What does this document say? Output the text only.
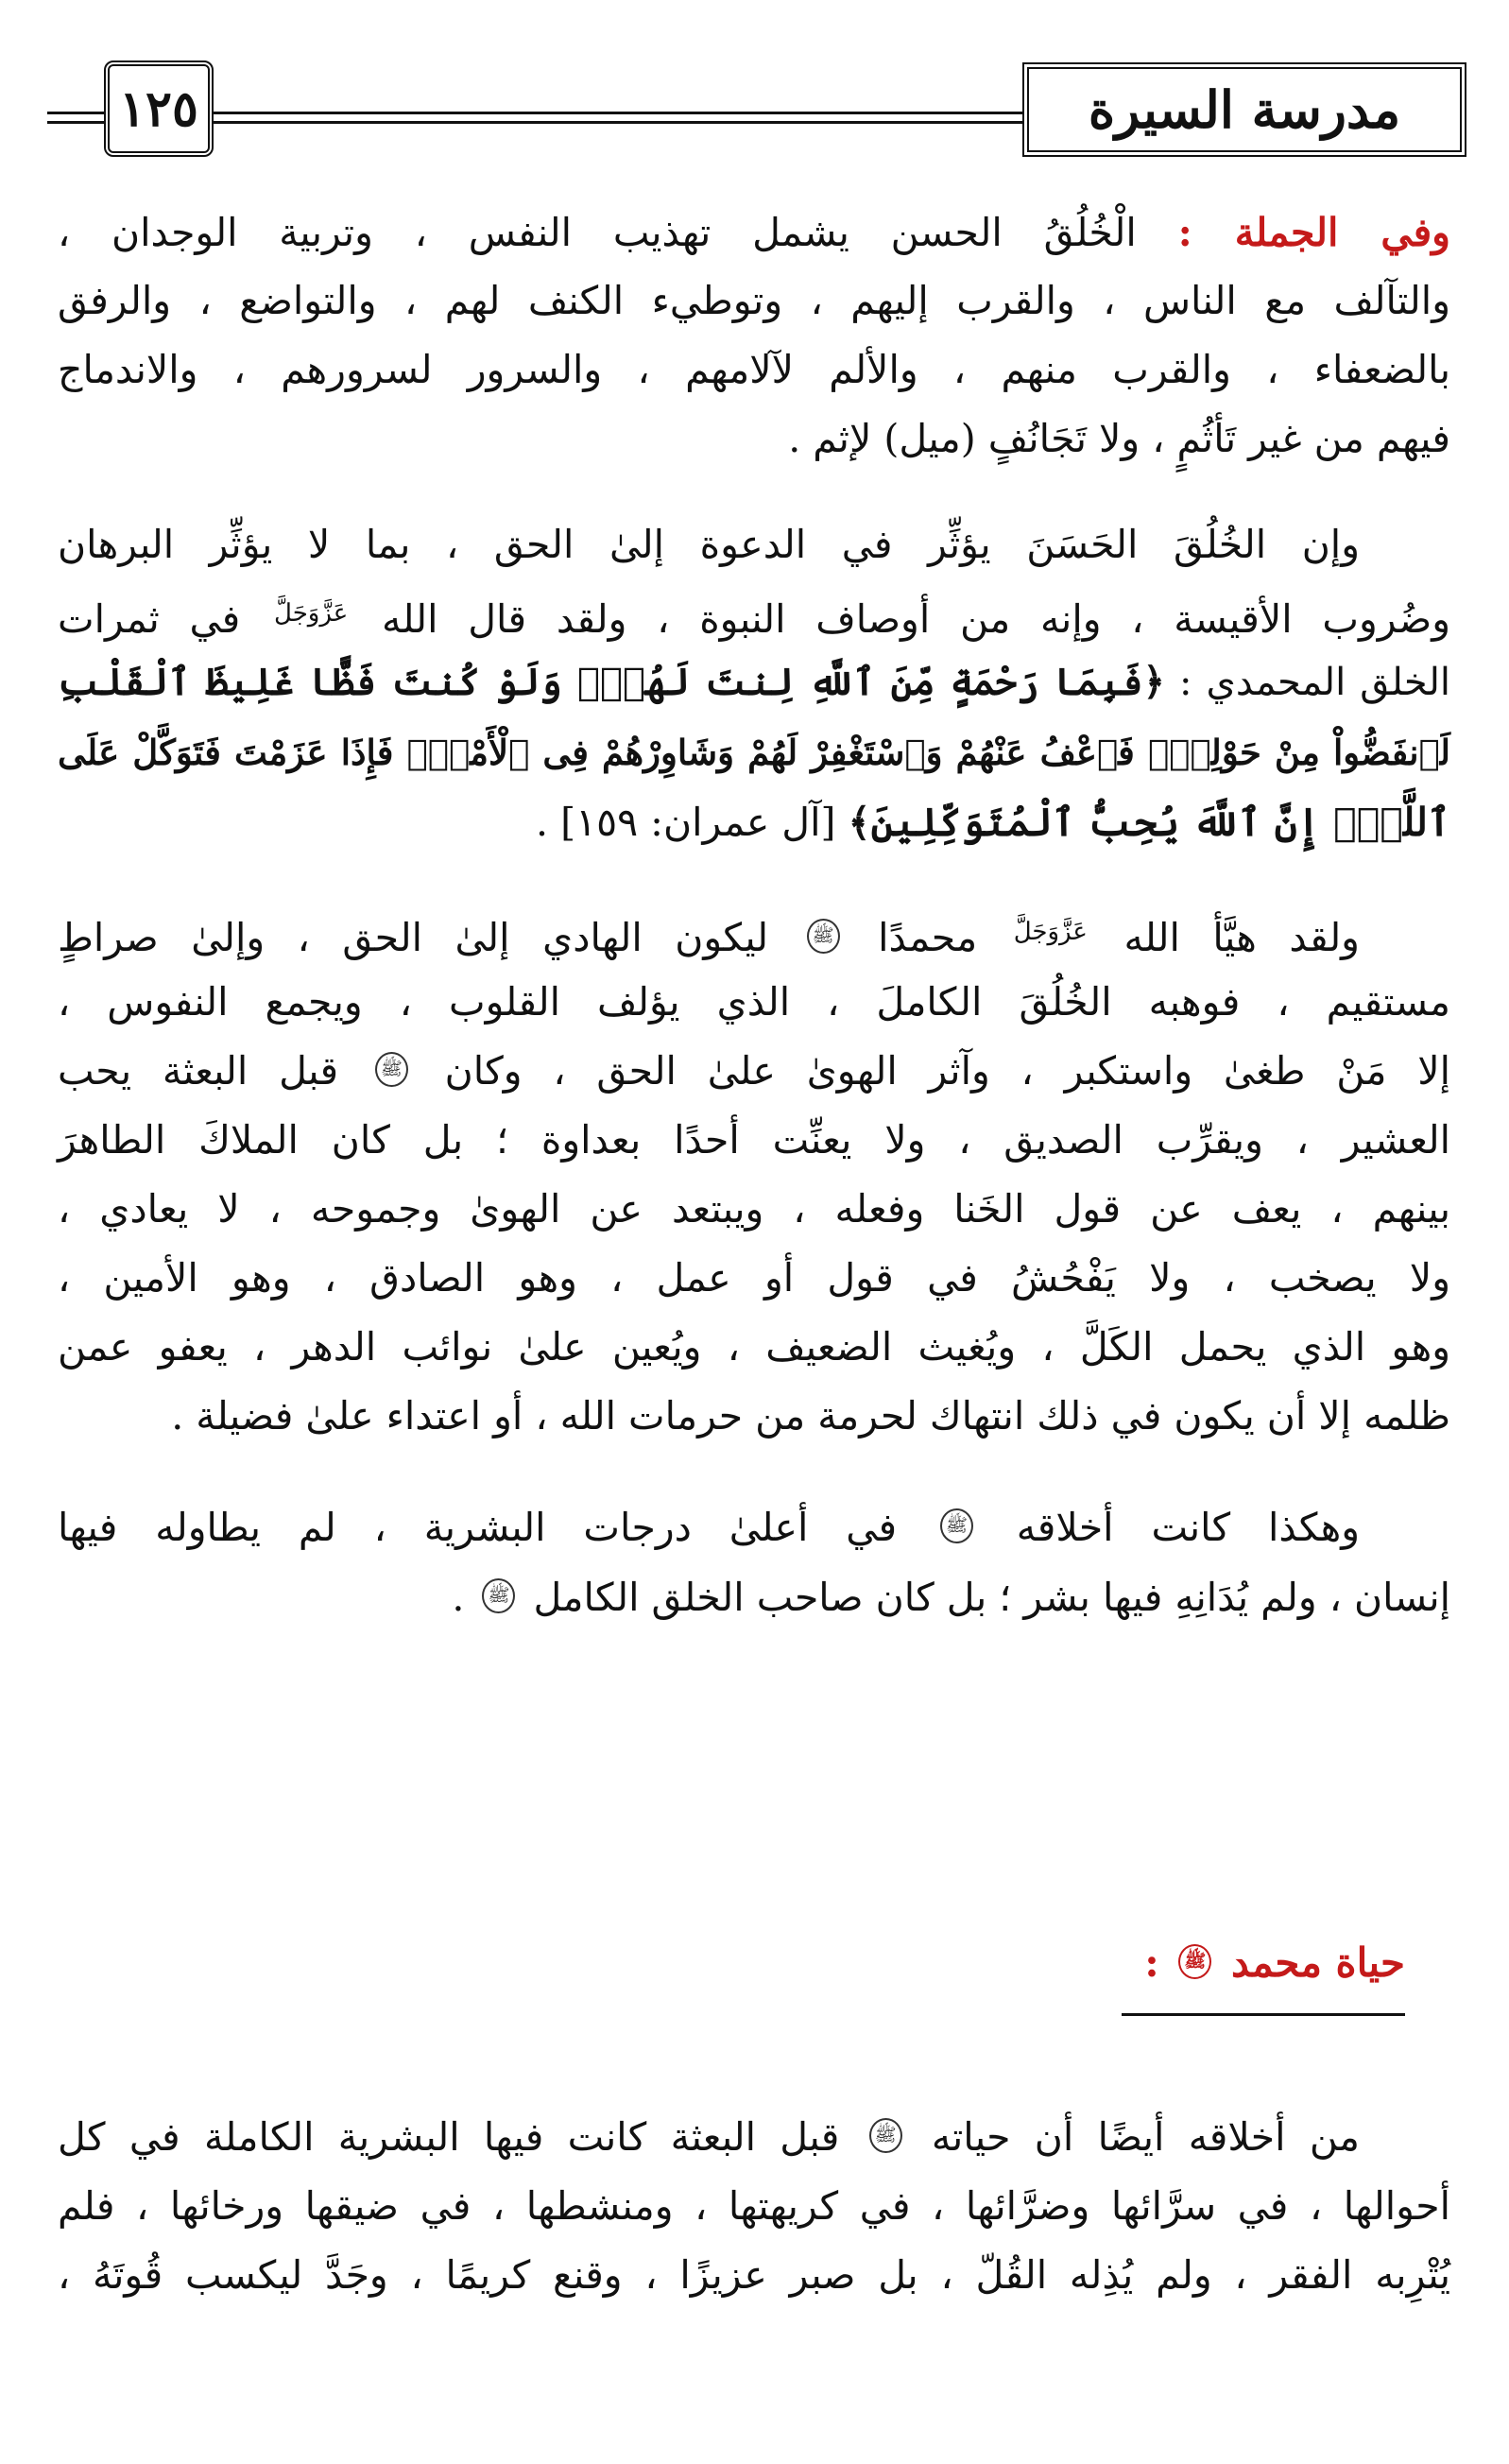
مدرسة السيرة
١٢٥
وفي الجملة : الْخُلُقُ الحسن يشمل تهذيب النفس ، وتربية الوجدان ،
والتآلف مع الناس ، والقرب إليهم ، وتوطيء الكنف لهم ، والتواضع ، والرفق
بالضعفاء ، والقرب منهم ، والألم لآلامهم ، والسرور لسرورهم ، والاندماج
فيهم من غير تَأثُمٍ ، ولا تَجَانُفٍ (ميل) لإثم .
وإن الخُلُقَ الحَسَنَ يؤثِّر في الدعوة إلىٰ الحق ، بما لا يؤثِّر البرهان
وضُروب الأقيسة ، وإنه من أوصاف النبوة ، ولقد قال الله $^{عَزَّوَجَلَّ}$ في ثمرات
الخلق المحمدي : ﴿فَبِمَا رَحْمَةٍ مِّنَ ٱللَّهِ لِنتَ لَهُمْۖ وَلَوْ كُنتَ فَظًّا غَلِيظَ ٱلْقَلْبِ
لَٱنفَضُّواْ مِنْ حَوْلِكَۖ فَٱعْفُ عَنْهُمْ وَٱسْتَغْفِرْ لَهُمْ وَشَاوِرْهُمْ فِى ٱلْأَمْرِۖ فَإِذَا عَزَمْتَ فَتَوَكَّلْ عَلَى
ٱللَّهِۚ إِنَّ ٱللَّهَ يُحِبُّ ٱلْمُتَوَكِّلِينَ﴾ [آل عمران: ١٥٩] .
ولقد هيَّأ الله $^{عَزَّوَجَلَّ}$ محمدًا ﷺ ليكون الهادي إلىٰ الحق ، وإلىٰ صراطٍ
مستقيم ، فوهبه الخُلُقَ الكاملَ ، الذي يؤلف القلوب ، ويجمع النفوس ،
إلا مَنْ طغىٰ واستكبر ، وآثر الهوىٰ علىٰ الحق ، وكان ﷺ قبل البعثة يحب
العشير ، ويقرِّب الصديق ، ولا يعنِّت أحدًا بعداوة ؛ بل كان الملاكَ الطاهرَ
بينهم ، يعف عن قول الخَنا وفعله ، ويبتعد عن الهوىٰ وجموحه ، لا يعادي ،
ولا يصخب ، ولا يَفْحُشُ في قول أو عمل ، وهو الصادق ، وهو الأمين ،
وهو الذي يحمل الكَلَّ ، ويُغيث الضعيف ، ويُعين علىٰ نوائب الدهر ، يعفو عمن
ظلمه إلا أن يكون في ذلك انتهاك لحرمة من حرمات الله ، أو اعتداء علىٰ فضيلة .
وهكذا كانت أخلاقه ﷺ في أعلىٰ درجات البشرية ، لم يطاوله فيها
إنسان ، ولم يُدَانِهِ فيها بشر ؛ بل كان صاحب الخلق الكامل ﷺ .
حياة محمد ﷺ :
من أخلاقه أيضًا أن حياته ﷺ قبل البعثة كانت فيها البشرية الكاملة في كل
أحوالها ، في سرَّائها وضرَّائها ، في كريهتها ، ومنشطها ، في ضيقها ورخائها ، فلم
يُتْرِبه الفقر ، ولم يُذِله القُلّ ، بل صبر عزيزًا ، وقنع كريمًا ، وجَدَّ ليكسب قُوتَهُ ،
